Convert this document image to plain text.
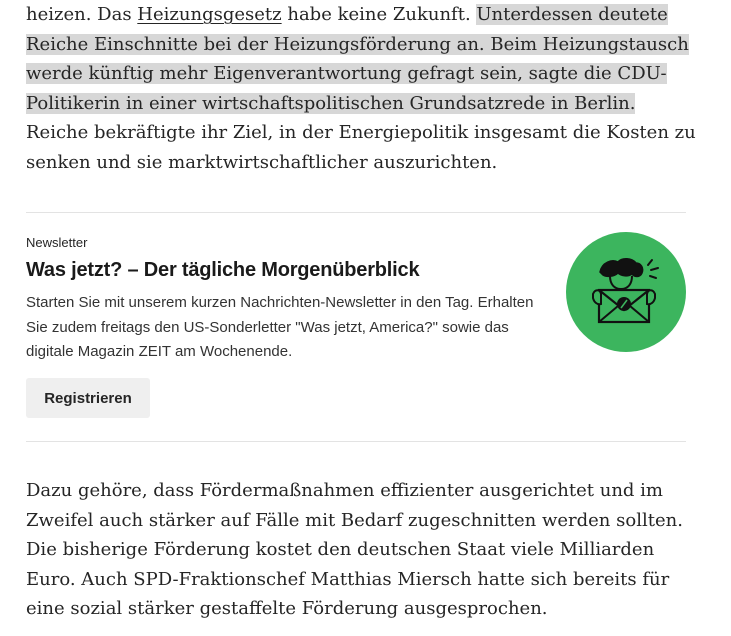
heizen. Das Heizungsgesetz habe keine Zukunft. Unterdessen deutete Reiche Einschnitte bei der Heizungsförderung an. Beim Heizungstausch werde künftig mehr Eigenverantwortung gefragt sein, sagte die CDU-Politikerin in einer wirtschaftspolitischen Grundsatzrede in Berlin. Reiche bekräftigte ihr Ziel, in der Energiepolitik insgesamt die Kosten zu senken und sie marktwirtschaftlicher auszurichten.

Newsletter
Was jetzt? – Der tägliche Morgenüberblick
Starten Sie mit unserem kurzen Nachrichten-Newsletter in den Tag. Erhalten Sie zudem freitags den US-Sonderletter "Was jetzt, America?" sowie das digitale Magazin ZEIT am Wochenende.
Registrieren

Dazu gehöre, dass Fördermaßnahmen effizienter ausgerichtet und im Zweifel auch stärker auf Fälle mit Bedarf zugeschnitten werden sollten. Die bisherige Förderung kostet den deutschen Staat viele Milliarden Euro. Auch SPD-Fraktionschef Matthias Miersch hatte sich bereits für eine sozial stärker gestaffelte Förderung ausgesprochen.
